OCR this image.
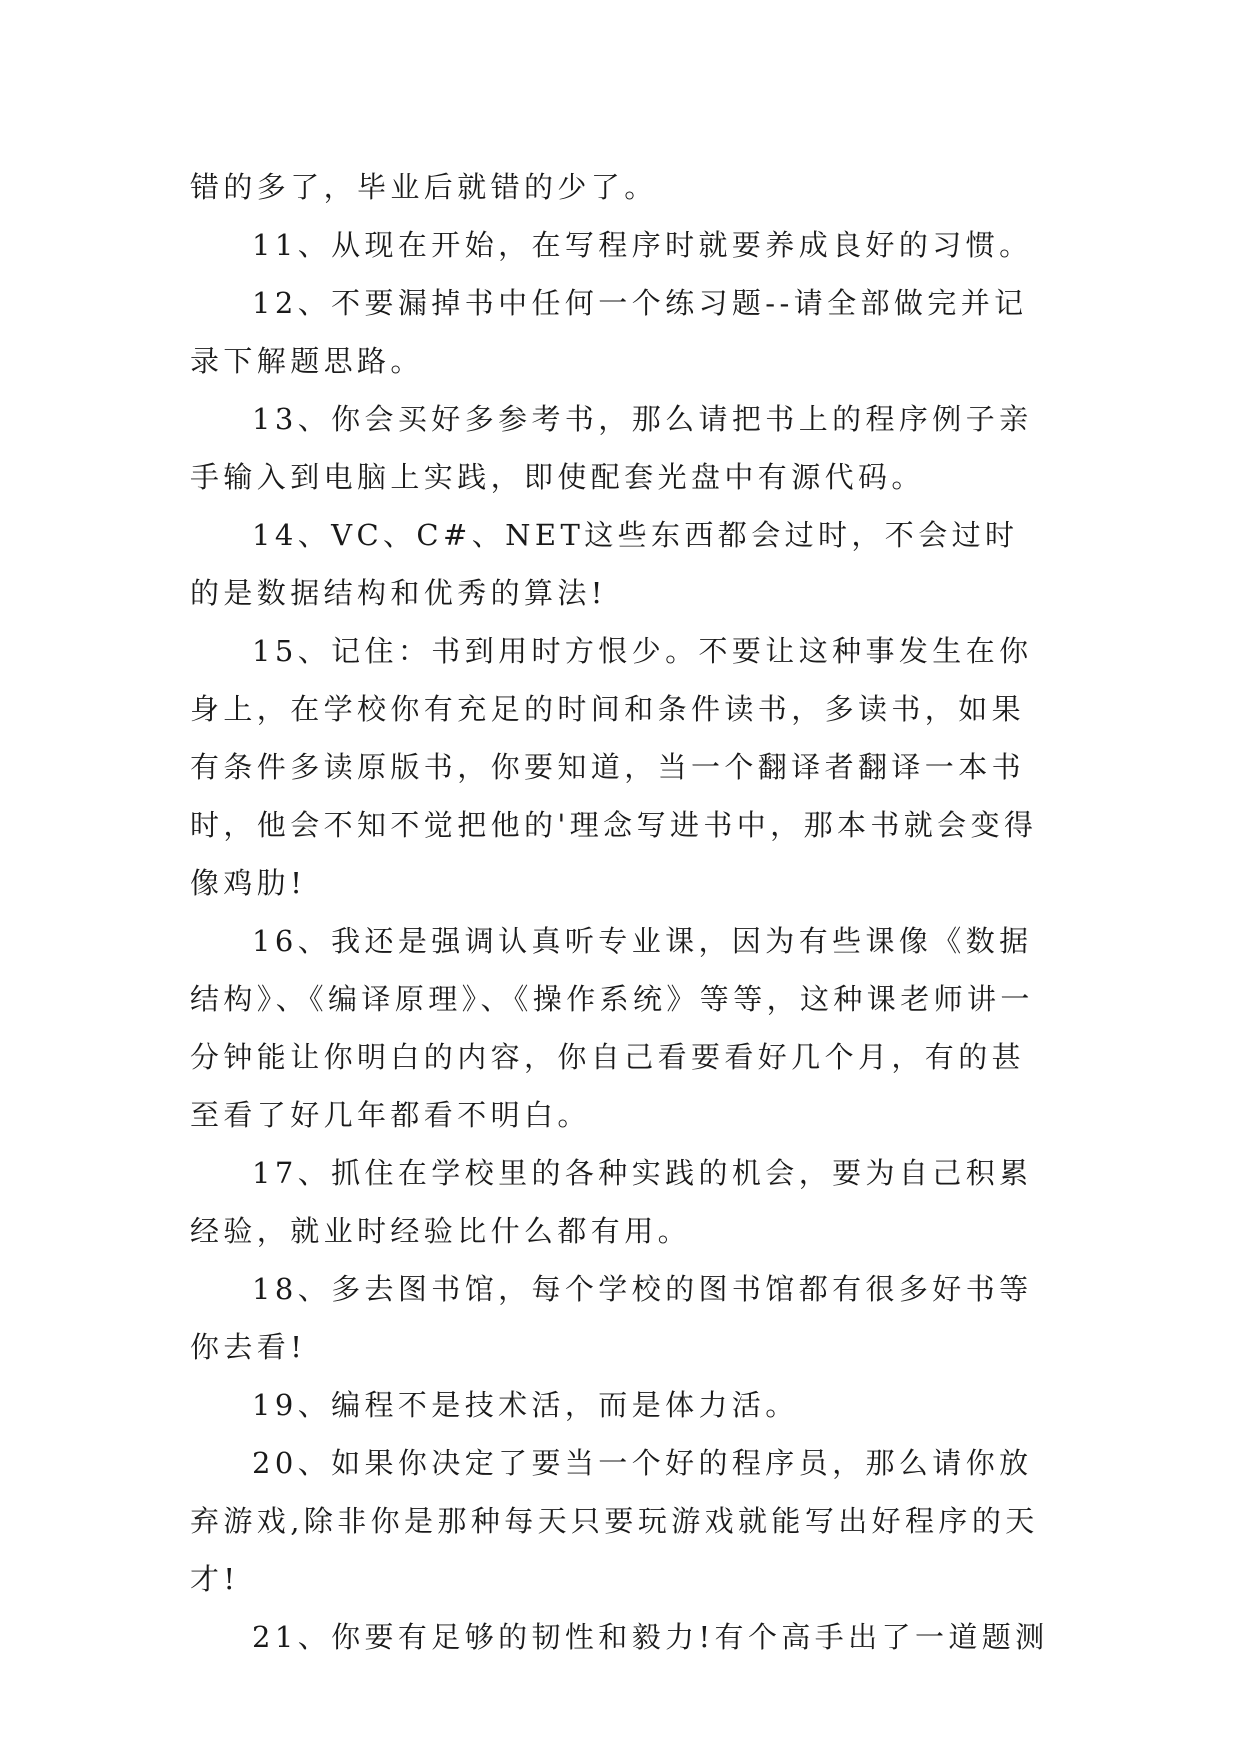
错的多了，毕业后就错的少了。

11、从现在开始，在写程序时就要养成良好的习惯。

12、不要漏掉书中任何一个练习题--请全部做完并记录下解题思路。

13、你会买好多参考书，那么请把书上的程序例子亲手输入到电脑上实践，即使配套光盘中有源代码。

14、VC、C#、NET这些东西都会过时，不会过时的是数据结构和优秀的算法!

15、记住：书到用时方恨少。不要让这种事发生在你身上，在学校你有充足的时间和条件读书，多读书，如果有条件多读原版书，你要知道，当一个翻译者翻译一本书时，他会不知不觉把他的'理念写进书中，那本书就会变得像鸡肋!

16、我还是强调认真听专业课，因为有些课像《数据结构》、《编译原理》、《操作系统》等等，这种课老师讲一分钟能让你明白的内容，你自己看要看好几个月，有的甚至看了好几年都看不明白。

17、抓住在学校里的各种实践的机会，要为自己积累经验，就业时经验比什么都有用。

18、多去图书馆，每个学校的图书馆都有很多好书等你去看!

19、编程不是技术活，而是体力活。

20、如果你决定了要当一个好的程序员，那么请你放弃游戏,除非你是那种每天只要玩游戏就能写出好程序的天才!

21、你要有足够的韧性和毅力!有个高手出了一道题测
